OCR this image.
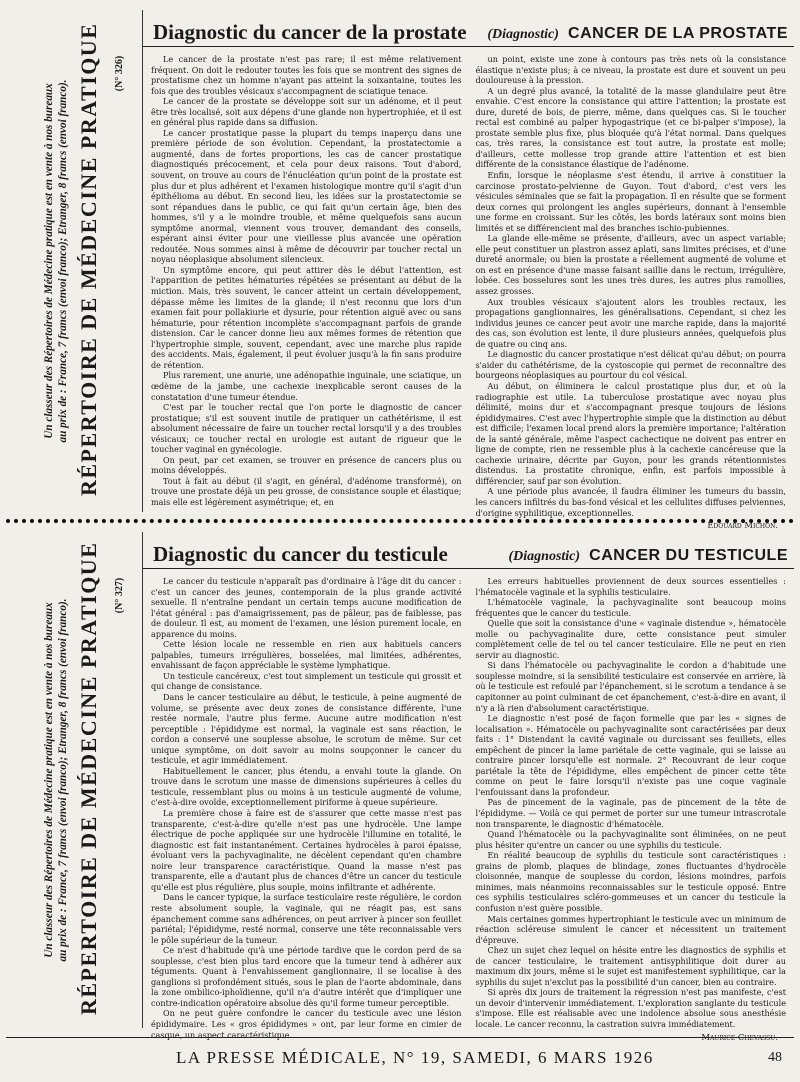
Un classeur des Répertoires de Médecine pratique est en vente à nos bureaux au prix de : France, 7 francs (envoi franco); Etranger, 8 francs (envoi franco). RÉPERTOIRE DE MÉDECINE PRATIQUE (N° 326)
Diagnostic du cancer de la prostate (Diagnostic) CANCER DE LA PROSTATE

Le cancer de la prostate n'est pas rare; il est même relativement fréquent. On doit le redouter toutes les fois que se montrent des signes de prostatisme chez un homme n'ayant pas atteint la soixantaine, toutes les fois que des troubles vésicaux s'accompagnent de sciatique tenace.

Le cancer de la prostate se développe soit sur un adénome, et il peut être très localisé, soit aux dépens d'une glande non hypertrophiée, et il est en général plus rapide dans sa diffusion.

Le cancer prostatique passe la plupart du temps inaperçu dans une première période de son évolution. Cependant, la prostatectomie a augmenté, dans de fortes proportions, les cas de cancer prostatique diagnostiqués précocement, et cela pour deux raisons. Tout d'abord, souvent, on trouve au cours de l'énucléation qu'un point de la prostate est plus dur et plus adhérent et l'examen histologique montre qu'il s'agit d'un épithélioma au début. En second lieu, les idées sur la prostatectomie se sont répandues dans le public, ce qui fait qu'un certain âge, bien des hommes, s'il y a le moindre trouble, et même quelquefois sans aucun symptôme anormal, viennent vous trouver, demandant des conseils, espérant ainsi éviter pour une vieillesse plus avancée une opération redoutée. Nous sommes ainsi à même de découvrir par toucher rectal un noyau néoplasique absolument silencieux.

Un symptôme encore, qui peut attirer dès le début l'attention, est l'apparition de petites hématuries répétées se présentant au début de la miction. Mais, très souvent, le cancer atteint un certain développement, dépasse même les limites de la glande; il n'est reconnu que lors d'un examen fait pour pollakiurie et dysurie, pour rétention aiguë avec ou sans hématurie, pour rétention incomplète s'accompagnant parfois de grande distension. Car le cancer donne lieu aux mêmes formes de rétention que l'hypertrophie simple, souvent, cependant, avec une marche plus rapide des accidents. Mais, également, il peut évoluer jusqu'à la fin sans produire de rétention.

Plus rarement, une anurie, une adénopathie inguinale, une sciatique, un œdème de la jambe, une cachexie inexplicable seront causes de la constatation d'une tumeur étendue.

C'est par le toucher rectal que l'on porte le diagnostic de cancer prostatique; s'il est souvent inutile de pratiquer un cathétérisme, il est absolument nécessaire de faire un toucher rectal lorsqu'il y a des troubles vésicaux; ce toucher rectal en urologie est autant de rigueur que le toucher vaginal en gynécologie.

On peut, par cet examen, se trouver en présence de cancers plus ou moins développés.

Tout à fait au début (il s'agit, en général, d'adénome transformé), on trouve une prostate déjà un peu grosse, de consistance souple et élastique; mais elle est légèrement asymétrique; et, en

un point, existe une zone à contours pas très nets où la consistance élastique n'existe plus; à ce niveau, la prostate est dure et souvent un peu douloureuse à la pression.

A un degré plus avancé, la totalité de la masse glandulaire peut être envahie. C'est encore la consistance qui attire l'attention; la prostate est dure, dureté de bois, de pierre, même, dans quelques cas. Si le toucher rectal est combiné au palper hypogastrique (et ce bi-palper s'impose), la prostate semble plus fixe, plus bloquée qu'à l'état normal. Dans quelques cas, très rares, la consistance est tout autre, la prostate est molle; d'ailleurs, cette mollesse trop grande attire l'attention et est bien différente de la consistance élastique de l'adénome.

Enfin, lorsque le néoplasme s'est étendu, il arrive à constituer la carcinose prostato-pelvienne de Guyon. Tout d'abord, c'est vers les vésicules séminales que se fait la propagation. Il en résulte que se forment deux cornes qui prolongent les angles supérieurs, donnant à l'ensemble une forme en croissant. Sur les côtés, les bords latéraux sont moins bien limités et se différencient mal des branches ischio-pubiennes.

La glande elle-même se présente, d'ailleurs, avec un aspect variable; elle peut constituer un plastron assez aplati, sans limites précises, et d'une dureté anormale; ou bien la prostate a réellement augmenté de volume et on est en présence d'une masse faisant saillie dans le rectum, irrégulière, lobée. Ces bosselures sont les unes très dures, les autres plus ramollies, assez grosses.

Aux troubles vésicaux s'ajoutent alors les troubles rectaux, les propagations ganglionnaires, les généralisations. Cependant, si chez les individus jeunes ce cancer peut avoir une marche rapide, dans la majorité des cas, son évolution est lente, il dure plusieurs années, quelquefois plus de quatre ou cinq ans.

Le diagnostic du cancer prostatique n'est délicat qu'au début; on pourra s'aider du cathétérisme, de la cystoscopie qui permet de reconnaître des bourgeons néoplasiques au pourtour du col vésical.

Au début, on éliminera le calcul prostatique plus dur, et où la radiographie est utile. La tuberculose prostatique avec noyau plus délimité, moins dur et s'accompagnant presque toujours de lésions épididymaires. C'est avec l'hypertrophie simple que la distinction au début est difficile; l'examen local prend alors la première importance; l'altération de la santé générale, même l'aspect cachectique ne doivent pas entrer en ligne de compte, rien ne ressemble plus à la cachexie cancéreuse que la cachexie urinaire, décrite par Guyon, pour les grands rétentionnistes distendus. La prostatite chronique, enfin, est parfois impossible à différencier, sauf par son évolution.

A une période plus avancée, il faudra éliminer les tumeurs du bassin, les cancers infiltrés du bas-fond vésical et les cellulites diffuses pelviennes, d'origine syphilitique, exceptionnelles.

Edouard Michon.
Un classeur des Répertoires de Médecine pratique est en vente à nos bureaux au prix de : France, 7 francs (envoi franco); Etranger, 8 francs (envoi franco). RÉPERTOIRE DE MÉDECINE PRATIQUE (N° 327)
Diagnostic du cancer du testicule	(Diagnostic) CANCER DU TESTICULE

Le cancer du testicule n'apparaît pas d'ordinaire à l'âge dit du cancer : c'est un cancer des jeunes, contemporain de la plus grande activité sexuelle. Il n'entraîne pendant un certain temps aucune modification de l'état général : pas d'amaigrissement, pas de pâleur, pas de faiblesse, pas de douleur. Il est, au moment de l'examen, une lésion purement locale, en apparence du moins.

Cette lésion locale ne ressemble en rien aux habituels cancers palpables, tumeurs irrégulières, bosselées, mal limitées, adhérentes, envahissant de façon appréciable le système lymphatique.

Un testicule cancéreux, c'est tout simplement un testicule qui grossit et qui change de consistance.

Dans le cancer testiculaire au début, le testicule, à peine augmenté de volume, se présente avec deux zones de consistance différente, l'une restée normale, l'autre plus ferme. Aucune autre modification n'est perceptible : l'épididyme est normal, la vaginale est sans réaction, le cordon a conservé une souplesse absolue, le scrotum de même. Sur cet unique symptôme, on doit savoir au moins soupçonner le cancer du testicule, et agir immédiatement.

Habituellement le cancer, plus étendu, a envahi toute la glande. On trouve dans le scrotum une masse de dimensions supérieures à celles du testicule, ressemblant plus ou moins à un testicule augmenté de volume, c'est-à-dire ovoïde, exceptionnellement piriforme à queue supérieure.

La première chose à faire est de s'assurer que cette masse n'est pas transparente, c'est-à-dire qu'elle n'est pas une hydrocèle. Une lampe électrique de poche appliquée sur une hydrocèle l'illumine en totalité, le diagnostic est fait instantanément. Certaines hydrocèles à paroi épaisse, évoluant vers la pachyvaginalite, ne décèlent cependant qu'en chambre noire leur transparence caractéristique. Quand la masse n'est pas transparente, elle a d'autant plus de chances d'être un cancer du testicule qu'elle est plus régulière, plus souple, moins infiltrante et adhérente.

Dans le cancer typique, la surface testiculaire reste régulière, le cordon reste absolument souple, la vaginale, qui ne réagit pas, est sans épanchement comme sans adhérences, on peut arriver à pincer son feuillet pariétal; l'épididyme, resté normal, conserve une tête reconnaissable vers le pôle supérieur de la tumeur.

Ce n'est d'habitude qu'à une période tardive que le cordon perd de sa souplesse, c'est bien plus tard encore que la tumeur tend à adhérer aux téguments. Quant à l'envahissement ganglionnaire, il se localise à des ganglions si profondément situés, sous le plan de l'aorte abdominale, dans la zone ombilico-iphoïdienne, qu'il n'a d'autre intérêt que d'impliquer une contre-indication opératoire absolue dès qu'il forme tumeur perceptible.

On ne peut guère confondre le cancer du testicule avec une lésion épididymaire. Les « gros épididymes » ont, par leur forme en cimier de casque, un aspect caractéristique.

Les erreurs habituelles proviennent de deux sources essentielles : l'hématocèle vaginale et la syphilis testiculaire.

L'hématocèle vaginale, la pachyvaginalite sont beaucoup moins fréquentes que le cancer du testicule.

Quelle que soit la consistance d'une « vaginale distendue », hématocèle molle ou pachyvaginalite dure, cette consistance peut simuler complètement celle de tel ou tel cancer testiculaire. Elle ne peut en rien servir au diagnostic.

Si dans l'hématocèle ou pachyvaginalite le cordon a d'habitude une souplesse moindre, si la sensibilité testiculaire est conservée en arrière, là où le testicule est refoulé par l'épanchement, si le scrotum a tendance à se capitonner au point culminant de cet épanchement, c'est-à-dire en avant, il n'y a là rien d'absolument caractéristique.

Le diagnostic n'est posé de façon formelle que par les « signes de localisation ». Hématocèle ou pachyvaginalite sont caractérisées par deux faits : 1° Distendant la cavité vaginale ou durcissant ses feuillets, elles empêchent de pincer la lame pariétale de cette vaginale, qui se laisse au contraire pincer lorsqu'elle est normale. 2° Recouvrant de leur coque pariétale la tête de l'épididyme, elles empêchent de pincer cette tête comme on peut le faire lorsqu'il n'existe pas une coque vaginale l'enfouissant dans la profondeur.

Pas de pincement de la vaginale, pas de pincement de la tête de l'épididyme. — Voilà ce qui permet de porter sur une tumeur intrascrotale non transparente, le diagnostic d'hématocèle.

Quand l'hématocèle ou la pachyvaginalite sont éliminées, on ne peut plus hésiter qu'entre un cancer ou une syphilis du testicule.

En réalité beaucoup de syphilis du testicule sont caractéristiques : grains de plomb, plaques de blindage, zones fluctuantes d'hydrocèle cloisonnée, manque de souplesse du cordon, lésions moindres, parfois minimes, mais néanmoins reconnaissables sur le testicule opposé. Entre ces syphilis testiculaires scléro-gommeuses et un cancer du testicule la confusion n'est guère possible.

Mais certaines gommes hypertrophiant le testicule avec un minimum de réaction scléreuse simulent le cancer et nécessitent un traitement d'épreuve.

Chez un sujet chez lequel on hésite entre les diagnostics de syphilis et de cancer testiculaire, le traitement antisyphilitique doit durer au maximum dix jours, même si le sujet est manifestement syphilitique, car la syphilis du sujet n'exclut pas la possibilité d'un cancer, bien au contraire.

Si après dix jours de traitement la régression n'est pas manifeste, c'est un devoir d'intervenir immédiatement. L'exploration sanglante du testicule s'impose. Elle est réalisable avec une indolence absolue sous anesthésie locale. Le cancer reconnu, la castration suivra immédiatement.

Maurice Chevassu.
LA PRESSE MÉDICALE, N° 19, SAMEDI, 6 MARS 1926	48
